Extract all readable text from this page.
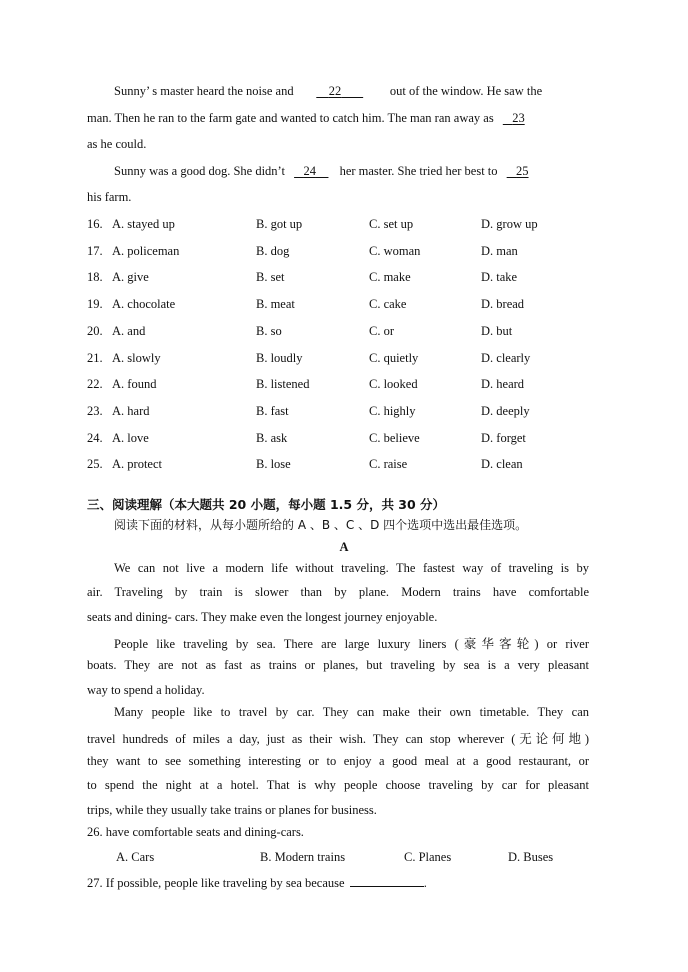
Sunny’ s master heard the noise and	22	out of the window. He saw the
man. Then he ran to the farm gate and wanted to catch him. The man ran away as 23
as he could.
Sunny was a good dog. She didn’t 24 her master. She tried her best to 25
his farm.
16. A. stayed up	B. got up	C. set up	D. grow up
17. A. policeman	B. dog	C. woman	D. man
18. A. give	B. set	C. make	D. take
19. A. chocolate	B. meat	C. cake	D. bread
20. A. and	B. so	C. or	D. but
21. A. slowly	B. loudly	C. quietly	D. clearly
22. A. found	B. listened	C. looked	D. heard
23. A. hard	B. fast	C. highly	D. deeply
24. A. love	B. ask	C. believe	D. forget
25. A. protect	B. lose	C. raise	D. clean
三、阅读理解（本大题共 20 小题，每小题 1.5 分，共 30 分）
阅读下面的材料，从每小题所给的 A 、B 、C 、D 四个选项中选出最佳选项。
A
We can not live a modern life without traveling. The fastest way of traveling is by
air. Traveling by train is slower than by plane. Modern trains have comfortable
seats and dining- cars. They make even the longest journey enjoyable.
People like traveling by sea. There are large luxury liners (豪华客轮) or river
boats. They are not as fast as trains or planes, but traveling by sea is a very pleasant
way to spend a holiday.
Many people like to travel by car. They can make their own timetable. They can
travel hundreds of miles a day, just as their wish. They can stop wherever (无论何地)
they want to see something interesting or to enjoy a good meal at a good restaurant, or
to spend the night at a hotel. That is why people choose traveling by car for pleasant
trips, while they usually take trains or planes for business.
26. have comfortable seats and dining-cars.
A. Cars	B. Modern trains	C. Planes	D. Buses
27. If possible, people like traveling by sea because	.
